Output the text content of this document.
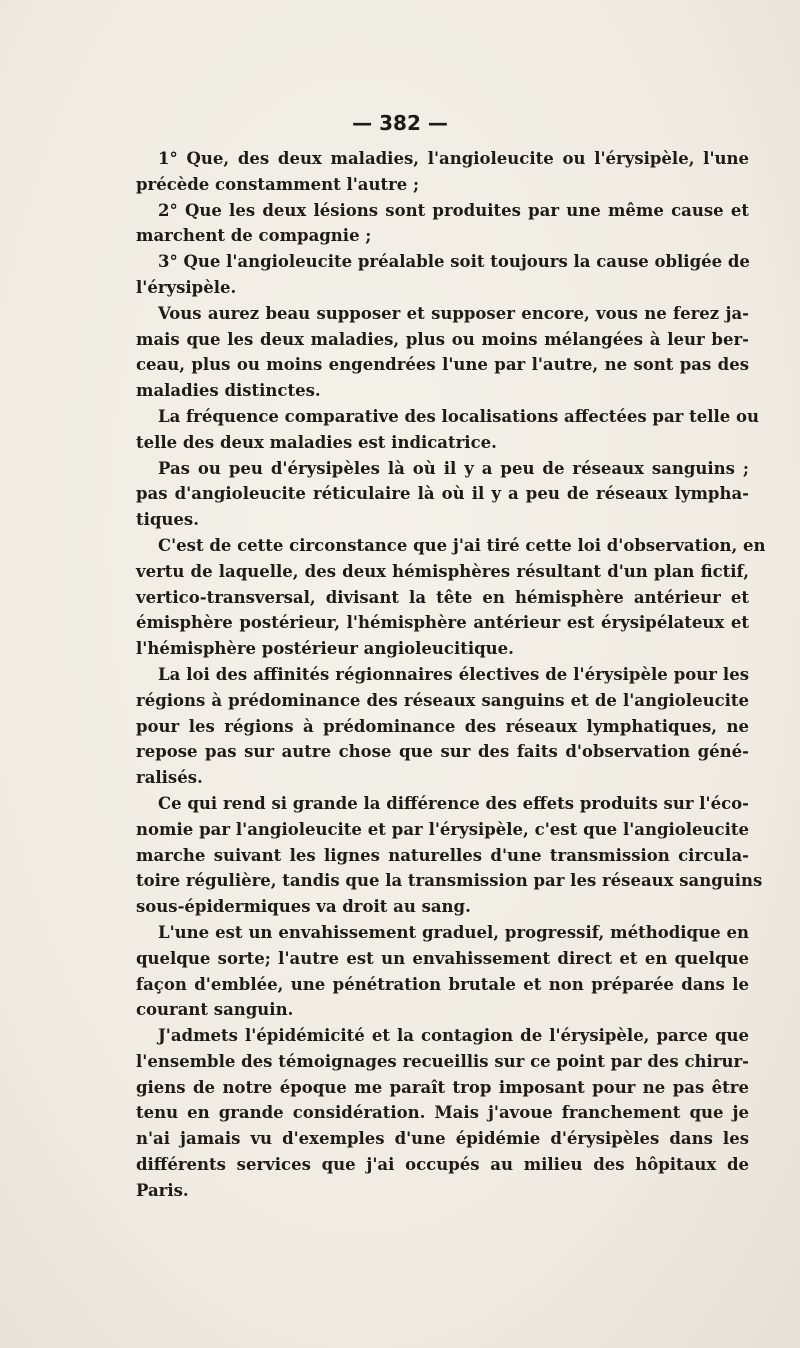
— 382 —
1° Que, des deux maladies, l'angioleucite ou l'érysipèle, l'une
précède constamment l'autre ;
2° Que les deux lésions sont produites par une même cause et
marchent de compagnie ;
3° Que l'angioleucite préalable soit toujours la cause obligée de
l'érysipèle.
Vous aurez beau supposer et supposer encore, vous ne ferez ja-
mais que les deux maladies, plus ou moins mélangées à leur ber-
ceau, plus ou moins engendrées l'une par l'autre, ne sont pas des
maladies distinctes.
La fréquence comparative des localisations affectées par telle ou
telle des deux maladies est indicatrice.
Pas ou peu d'érysipèles là où il y a peu de réseaux sanguins ;
pas d'angioleucite réticulaire là où il y a peu de réseaux lympha-
tiques.
C'est de cette circonstance que j'ai tiré cette loi d'observation, en
vertu de laquelle, des deux hémisphères résultant d'un plan fictif,
vertico-transversal, divisant la tête en hémisphère antérieur et
émisphère postérieur, l'hémisphère antérieur est érysipélateux et
l'hémisphère postérieur angioleucitique.
La loi des affinités régionnaires électives de l'érysipèle pour les
régions à prédominance des réseaux sanguins et de l'angioleucite
pour les régions à prédominance des réseaux lymphatiques, ne
repose pas sur autre chose que sur des faits d'observation géné-
ralisés.
Ce qui rend si grande la différence des effets produits sur l'éco-
nomie par l'angioleucite et par l'érysipèle, c'est que l'angioleucite
marche suivant les lignes naturelles d'une transmission circula-
toire régulière, tandis que la transmission par les réseaux sanguins
sous-épidermiques va droit au sang.
L'une est un envahissement graduel, progressif, méthodique en
quelque sorte; l'autre est un envahissement direct et en quelque
façon d'emblée, une pénétration brutale et non préparée dans le
courant sanguin.
J'admets l'épidémicité et la contagion de l'érysipèle, parce que
l'ensemble des témoignages recueillis sur ce point par des chirur-
giens de notre époque me paraît trop imposant pour ne pas être
tenu en grande considération. Mais j'avoue franchement que je
n'ai jamais vu d'exemples d'une épidémie d'érysipèles dans les
différents services que j'ai occupés au milieu des hôpitaux de
Paris.
